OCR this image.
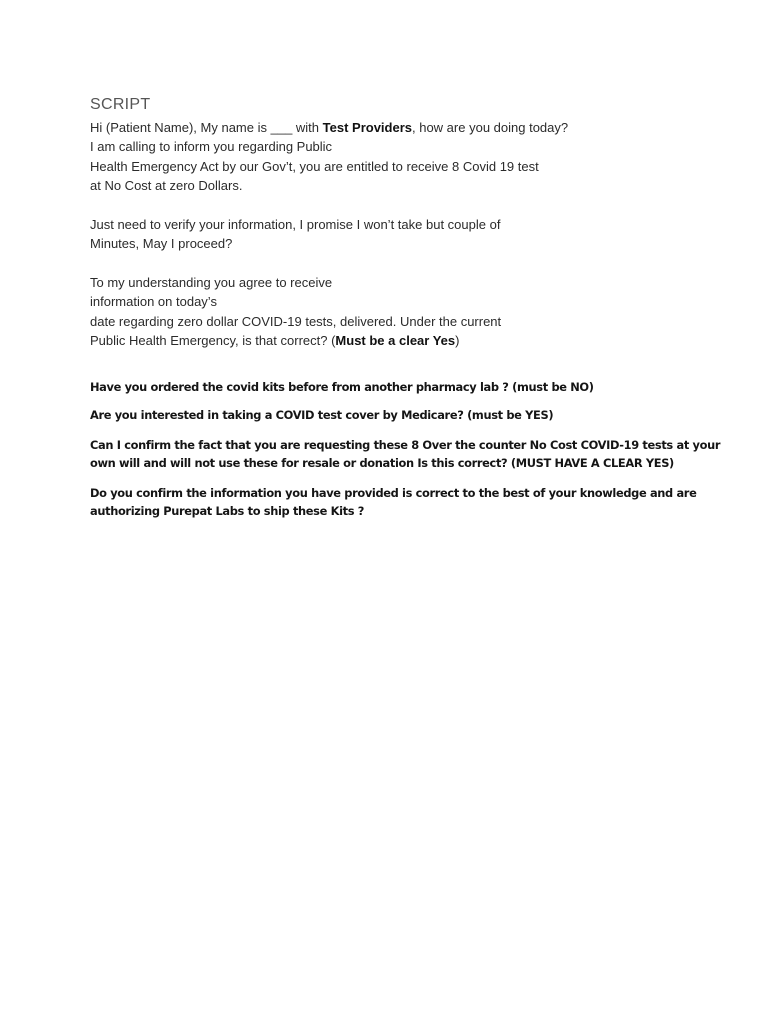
SCRIPT

Hi (Patient Name), My name is ___ with Test Providers, how are you doing today?

I am calling to inform you regarding Public

Health Emergency Act by our Gov’t, you are entitled to receive 8 Covid 19 test

at No Cost at zero Dollars.

Just need to verify your information, I promise I won’t take but couple of

Minutes, May I proceed?

To my understanding you agree to receive

information on today’s

date regarding zero dollar COVID-19 tests, delivered. Under the current

Public Health Emergency, is that correct? (Must be a clear Yes)

Have you ordered the covid kits before from another pharmacy lab ? (must be NO)

Are you interested in taking a COVID test cover by Medicare? (must be YES)

Can I confirm the fact that you are requesting these 8 Over the counter No Cost COVID-19 tests at your
own will and will not use these for resale or donation Is this correct? (MUST HAVE A CLEAR YES)

Do you confirm the information you have provided is correct to the best of your knowledge and are
authorizing Purepat Labs to ship these Kits ?
